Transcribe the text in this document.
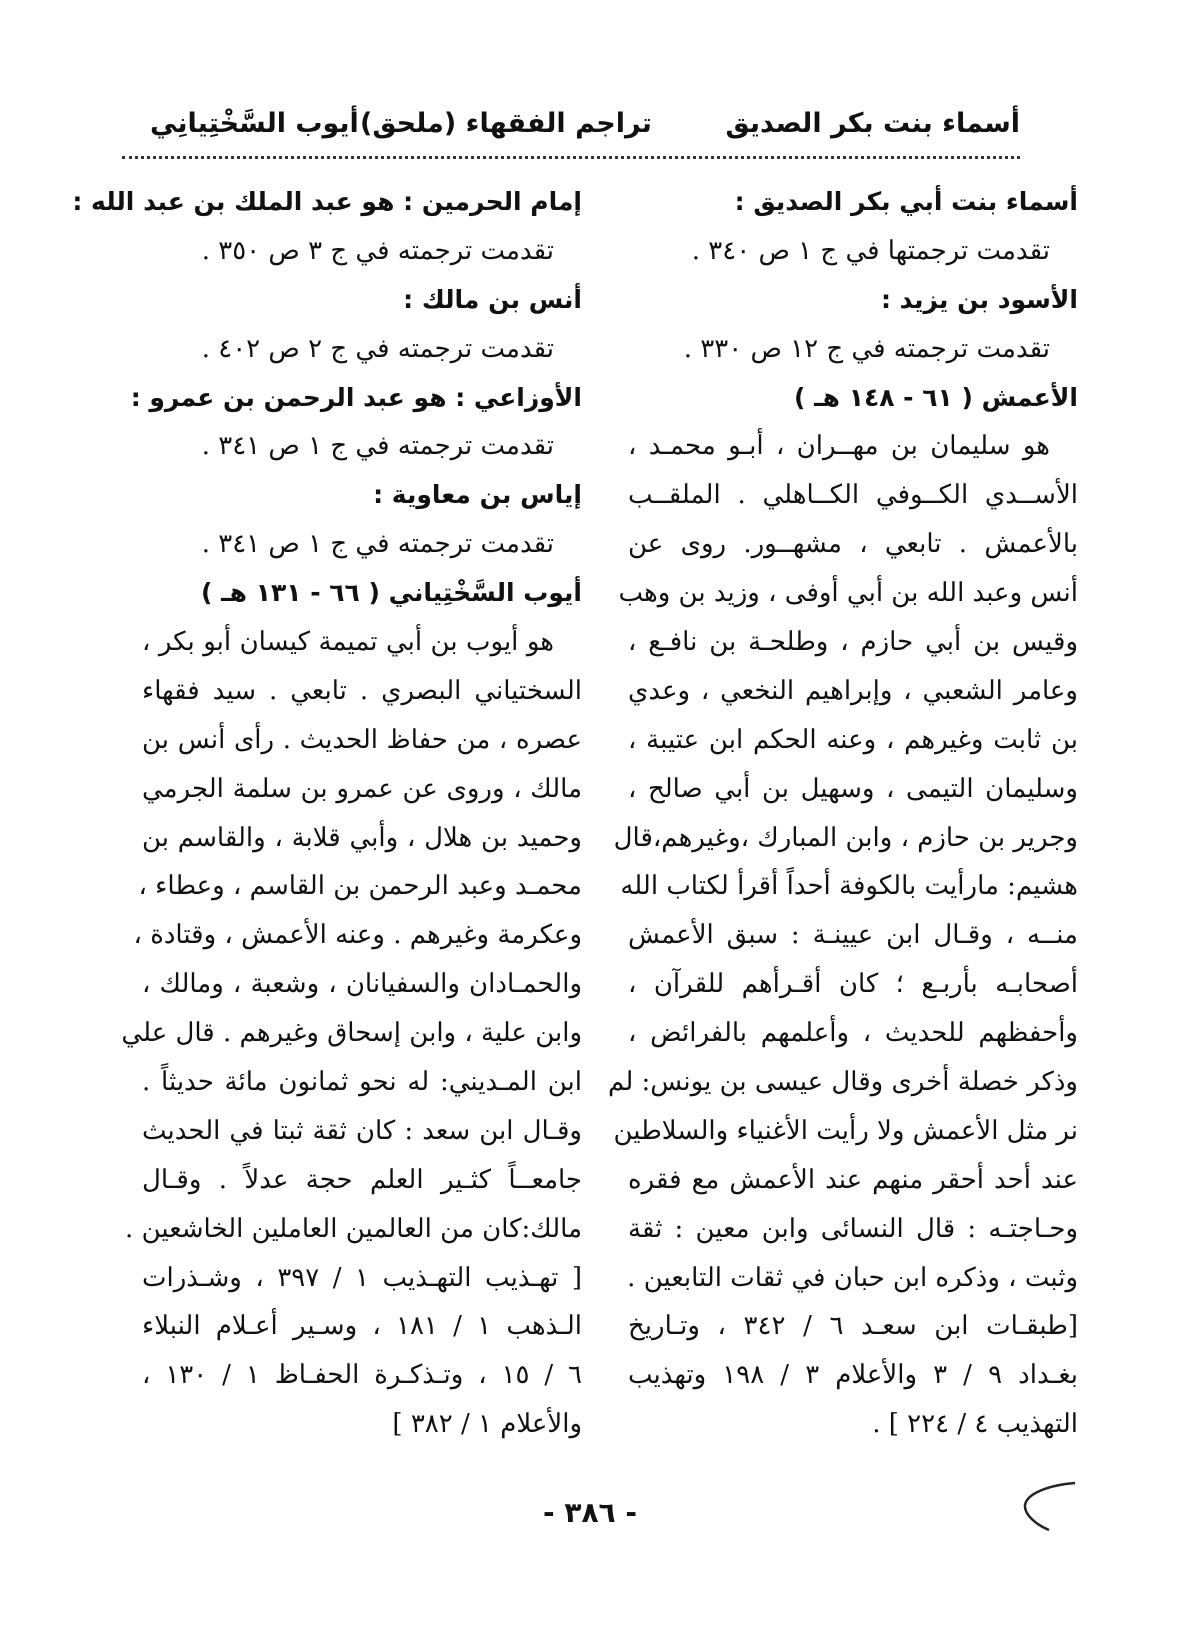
أسماء بنت بكر الصديق
(ملحق) تراجم الفقهاء
أيوب السَّخْتِيانِي
أسماء بنت أبي بكر الصديق :
تقدمت ترجمتها في ج ١ ص ٣٤٠ .
الأسود بن يزيد :
تقدمت ترجمته في ج ١٢ ص ٣٣٠ .
الأعمش ( ٦١ - ١٤٨ هـ )
هو سليمان بن مهــران ، أبـو محمـد ،
الأســدي الكــوفي الكــاهلي . الملقــب
بالأعمش . تابعي ، مشهــور. روى عن
أنس وعبد الله بن أبي أوفى ، وزيد بن وهب
وقيس بن أبي حازم ، وطلحـة بن نافـع ،
وعامر الشعبي ، وإبراهيم النخعي ، وعدي
بن ثابت وغيرهم ، وعنه الحكم ابن عتيبة ،
وسليمان التيمى ، وسهيل بن أبي صالح ،
وجرير بن حازم ، وابن المبارك ،وغيرهم،قال
هشيم: مارأيت بالكوفة أحداً أقرأ لكتاب الله
منــه ، وقـال ابن عيينـة : سبق الأعمش
أصحابـه بأربـع ؛ كان أقـرأهم للقرآن ،
وأحفظهم للحديث ، وأعلمهم بالفرائض ،
وذكر خصلة أخرى وقال عيسى بن يونس: لم
نر مثل الأعمش ولا رأيت الأغنياء والسلاطين
عند أحد أحقر منهم عند الأعمش مع فقره
وحـاجتـه : قال النسائى وابن معين : ثقة
وثبت ، وذكره ابن حبان في ثقات التابعين .
[طبقـات ابن سعـد ٦ / ٣٤٢ ، وتـاريخ
بغـداد ٩ / ٣ والأعلام ٣ / ١٩٨ وتهذيب
التهذيب ٤ / ٢٢٤ ] .
إمام الحرمين : هو عبد الملك بن عبد الله :
تقدمت ترجمته في ج ٣ ص ٣٥٠ .
أنس بن مالك :
تقدمت ترجمته في ج ٢ ص ٤٠٢ .
الأوزاعي : هو عبد الرحمن بن عمرو :
تقدمت ترجمته في ج ١ ص ٣٤١ .
إياس بن معاوية :
تقدمت ترجمته في ج ١ ص ٣٤١ .
أيوب السَّخْتِياني ( ٦٦ - ١٣١ هـ )
هو أيوب بن أبي تميمة كيسان أبو بكر ،
السختياني البصري . تابعي . سيد فقهاء
عصره ، من حفاظ الحديث . رأى أنس بن
مالك ، وروى عن عمرو بن سلمة الجرمي
وحميد بن هلال ، وأبي قلابة ، والقاسم بن
محمـد وعبد الرحمن بن القاسم ، وعطاء ،
وعكرمة وغيرهم . وعنه الأعمش ، وقتادة ،
والحمـادان والسفيانان ، وشعبة ، ومالك ،
وابن علية ، وابن إسحاق وغيرهم . قال علي
ابن المـديني: له نحو ثمانون مائة حديثاً .
وقـال ابن سعد : كان ثقة ثبتا في الحديث
جامعــاً كثـير العلم حجة عدلاً . وقـال
مالك:كان من العالمين العاملين الخاشعين .
[ تهـذيب التهـذيب ١ / ٣٩٧ ، وشـذرات
الـذهب ١ / ١٨١ ، وسـير أعـلام النبلاء
٦ / ١٥ ، وتـذكـرة الحفـاظ ١ / ١٣٠ ،
والأعلام ١ / ٣٨٢ ]
- ٣٨٦ -
